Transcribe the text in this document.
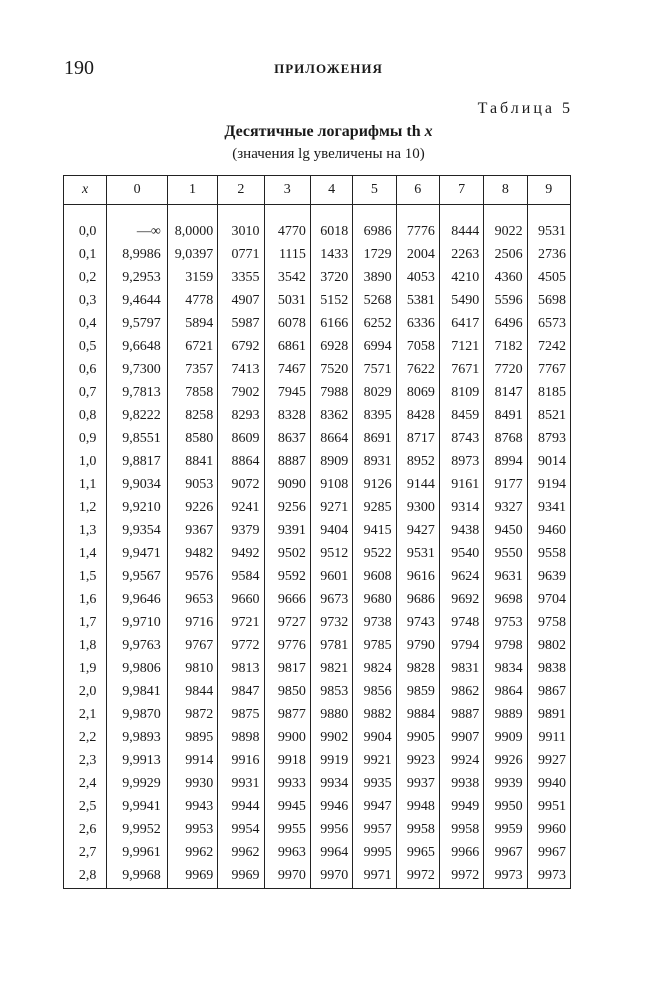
190	ПРИЛОЖЕНИЯ
Таблица 5
Десятичные логарифмы th x
(значения lg увеличены на 10)
x	0	1	2	3	4	5	6	7	8	9

0,0	—∞	8,0000	3010	4770	6018	6986	7776	8444	9022	9531
0,1	8,9986	9,0397	0771	1115	1433	1729	2004	2263	2506	2736
0,2	9,2953	3159	3355	3542	3720	3890	4053	4210	4360	4505
0,3	9,4644	4778	4907	5031	5152	5268	5381	5490	5596	5698
0,4	9,5797	5894	5987	6078	6166	6252	6336	6417	6496	6573
0,5	9,6648	6721	6792	6861	6928	6994	7058	7121	7182	7242
0,6	9,7300	7357	7413	7467	7520	7571	7622	7671	7720	7767
0,7	9,7813	7858	7902	7945	7988	8029	8069	8109	8147	8185
0,8	9,8222	8258	8293	8328	8362	8395	8428	8459	8491	8521
0,9	9,8551	8580	8609	8637	8664	8691	8717	8743	8768	8793
1,0	9,8817	8841	8864	8887	8909	8931	8952	8973	8994	9014
1,1	9,9034	9053	9072	9090	9108	9126	9144	9161	9177	9194
1,2	9,9210	9226	9241	9256	9271	9285	9300	9314	9327	9341
1,3	9,9354	9367	9379	9391	9404	9415	9427	9438	9450	9460
1,4	9,9471	9482	9492	9502	9512	9522	9531	9540	9550	9558
1,5	9,9567	9576	9584	9592	9601	9608	9616	9624	9631	9639
1,6	9,9646	9653	9660	9666	9673	9680	9686	9692	9698	9704
1,7	9,9710	9716	9721	9727	9732	9738	9743	9748	9753	9758
1,8	9,9763	9767	9772	9776	9781	9785	9790	9794	9798	9802
1,9	9,9806	9810	9813	9817	9821	9824	9828	9831	9834	9838
2,0	9,9841	9844	9847	9850	9853	9856	9859	9862	9864	9867
2,1	9,9870	9872	9875	9877	9880	9882	9884	9887	9889	9891
2,2	9,9893	9895	9898	9900	9902	9904	9905	9907	9909	9911
2,3	9,9913	9914	9916	9918	9919	9921	9923	9924	9926	9927
2,4	9,9929	9930	9931	9933	9934	9935	9937	9938	9939	9940
2,5	9,9941	9943	9944	9945	9946	9947	9948	9949	9950	9951
2,6	9,9952	9953	9954	9955	9956	9957	9958	9958	9959	9960
2,7	9,9961	9962	9962	9963	9964	9995	9965	9966	9967	9967
2,8	9,9968	9969	9969	9970	9970	9971	9972	9972	9973	9973
